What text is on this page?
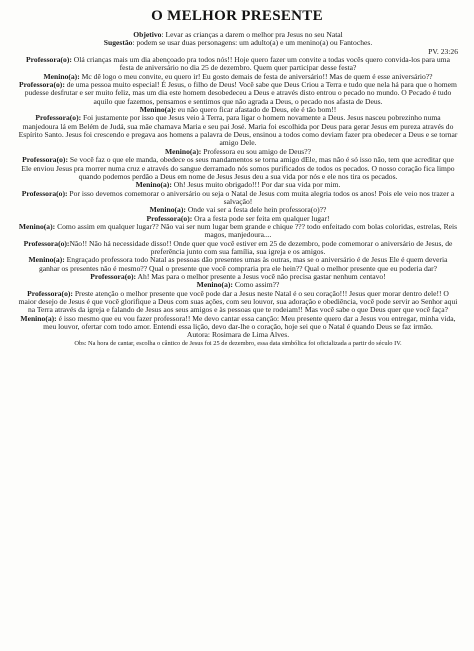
O MELHOR PRESENTE

Objetivo: Levar as crianças a darem o melhor pra Jesus no seu Natal

Sugestão: podem se usar duas personagens: um adulto(a) e um menino(a) ou Fantoches.

PV. 23:26

Professora(o): Olá crianças mais um dia abençoado pra todos nós!! Hoje quero fazer um convite a todas vocês quero convida-los para uma festa de aniversário no dia 25 de dezembro. Quem quer participar desse festa?

Menino(a): Mc dê logo o meu convite, eu quero ir! Eu gosto demais de festa de aniversário!! Mas de quem é esse aniversário??

Professora(o): de uma pessoa muito especial! É Jesus, o filho de Deus! Você sabe que Deus Criou a Terra e tudo que nela há para que o homem pudesse desfrutar e ser muito feliz, mas um dia este homem desobedeceu a Deus e através disto entrou o pecado no mundo. O Pecado é tudo aquilo que fazemos, pensamos e sentimos que não agrada a Deus, o pecado nos afasta de Deus.

Menino(a): eu não quero ficar afastado de Deus, ele é tão bom!!

Professora(o): Foi justamente por isso que Jesus veio à Terra, para ligar o homem novamente a Deus. Jesus nasceu pobrezinho numa manjedoura lá em Belém de Judá, sua mãe chamava Maria e seu pai José. Maria foi escolhida por Deus para gerar Jesus em pureza através do Espírito Santo. Jesus foi crescendo e pregava aos homens a palavra de Deus, ensinou a todos como deviam fazer pra obedecer a Deus e se tornar amigo Dele.

Menino(a): Professora eu sou amigo de Deus??

Professora(o): Se você faz o que ele manda, obedece os seus mandamentos se torna amigo dEle, mas não é só isso não, tem que acreditar que Ele enviou Jesus pra morrer numa cruz e através do sangue derramado nós somos purificados de todos os pecados. O nosso coração fica limpo quando podemos perdão a Deus em nome de Jesus Jesus deu a sua vida por nós e ele nos tira os pecados.

Menino(a): Oh! Jesus muito obrigado!!! Por dar sua vida por mim.

Professora(o): Por isso devemos comemorar o aniversário ou seja o Natal de Jesus com muita alegria todos os anos! Pois ele veio nos trazer a salvação!

Menino(a): Onde vai ser a festa dele hein professora(o)??

Professora(o): Ora a festa pode ser feita em qualquer lugar!

Menino(a): Como assim em qualquer lugar?? Não vai ser num lugar bem grande e chique ??? todo enfeitado com bolas coloridas, estrelas, Reis magos, manjedoura....

Professora(o):Não!! Não há necessidade disso!! Onde quer que você estiver em 25 de dezembro, pode comemorar o aniversário de Jesus, de preferência junto com sua família, sua igreja e os amigos.

Menino(a): Engraçado professora todo Natal as pessoas dão presentes umas às outras, mas se o aniversário é de Jesus Ele é quem deveria ganhar os presentes não é mesmo?? Qual o presente que você compraria pra ele hein?? Qual o melhor presente que eu poderia dar?

Professora(o): Ah! Mas para o melhor presente a Jesus você não precisa gastar nenhum centavo!

Menino(a): Como assim??

Professora(o): Preste atenção o melhor presente que você pode dar a Jesus neste Natal é o seu coração!!! Jesus quer morar dentro dele!! O maior desejo de Jesus é que você glorifique a Deus com suas ações, com seu louvor, sua adoração e obediência, você pode servir ao Senhor aqui na Terra através da igreja e falando de Jesus aos seus amigos e às pessoas que te rodeiam!! Mas você sabe o que Deus quer que você faça?

Menino(a): é isso mesmo que eu vou fazer professora!! Me devo cantar essa canção: Meu presente quero dar a Jesus vou entregar, minha vida, meu louvor, ofertar com todo amor. Entendi essa lição, devo dar-lhe o coração, hoje sei que o Natal é quando Deus se faz irmão.

Autora: Rosimara de Lima Alves.

Obs: Na hora de cantar, escolha o cântico de Jesus foi 25 de dezembro, essa data simbólica foi oficializada a partir do século IV.
